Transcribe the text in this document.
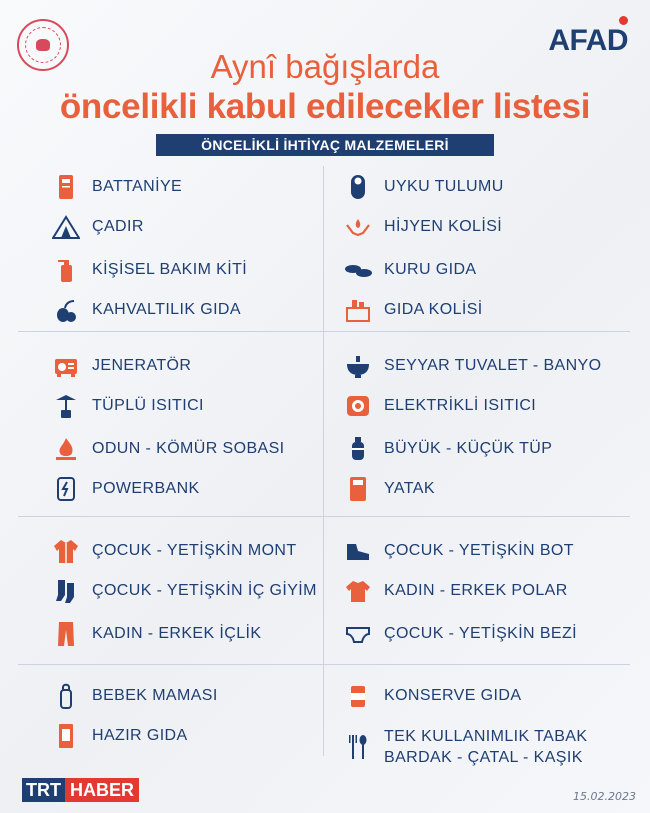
AFAD
Aynî bağışlarda
öncelikli kabul edilecekler listesi
ÖNCELİKLİ İHTİYAÇ MALZEMELERİ
BATTANİYE
ÇADIR
KİŞİSEL BAKIM KİTİ
KAHVALTILIK GIDA
UYKU TULUMU
HİJYEN KOLİSİ
KURU GIDA
GIDA KOLİSİ
JENERATÖR
TÜPLÜ ISITICI
ODUN - KÖMÜR SOBASI
POWERBANK
SEYYAR TUVALET - BANYO
ELEKTRİKLİ ISITICI
BÜYÜK - KÜÇÜK TÜP
YATAK
ÇOCUK - YETİŞKİN MONT
ÇOCUK - YETİŞKİN İÇ GİYİM
KADIN - ERKEK İÇLİK
ÇOCUK - YETİŞKİN BOT
KADIN - ERKEK POLAR
ÇOCUK - YETİŞKİN BEZİ
BEBEK MAMASI
HAZIR GIDA
KONSERVE GIDA
TEK KULLANIMLIK TABAK
BARDAK - ÇATAL - KAŞIK
TRT HABER	15.02.2023
